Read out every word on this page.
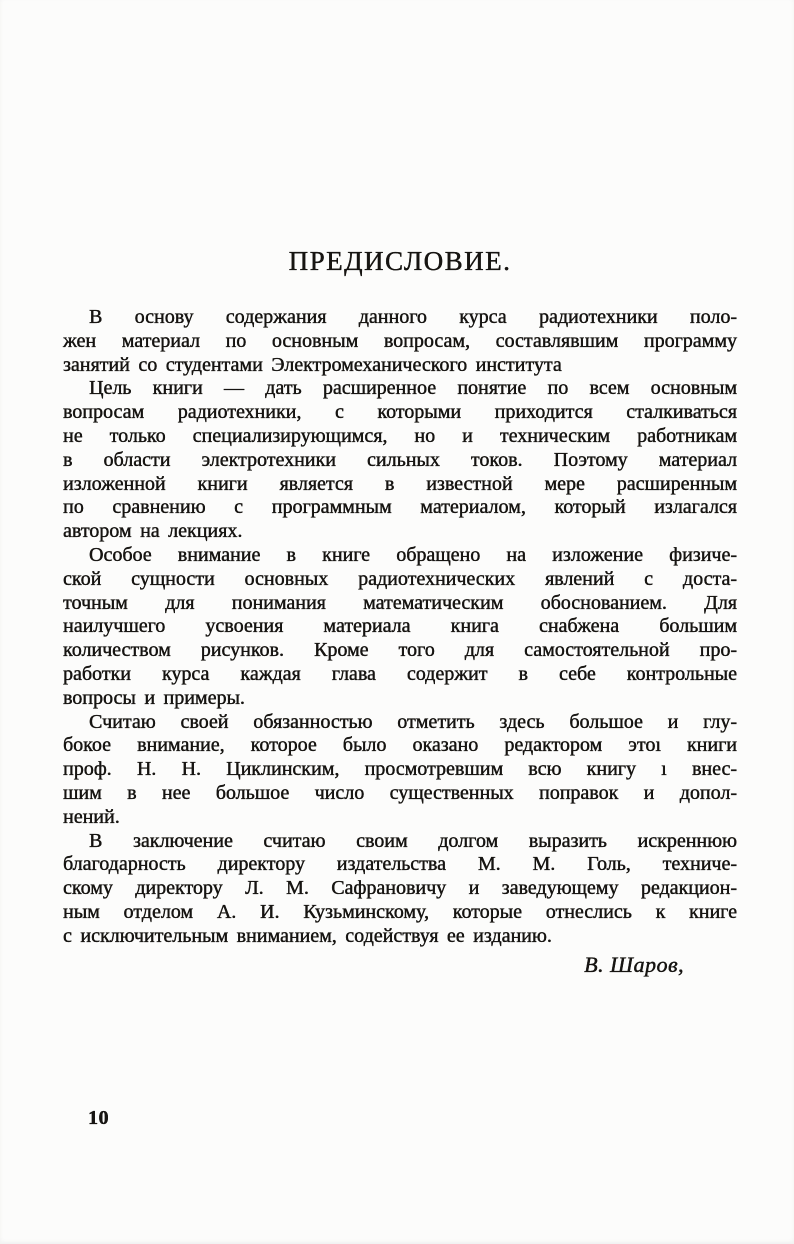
ПРЕДИСЛОВИЕ.
В основу содержания данного курса радиотехники поло-
жен материал по основным вопросам, составлявшим программу
занятий со студентами Электромеханического института
Цель книги — дать расширенное понятие по всем основным
вопросам радиотехники, с которыми приходится сталкиваться
не только специализирующимся, но и техническим работникам
в области электротехники сильных токов. Поэтому материал
изложенной книги является в известной мере расширенным
по сравнению с программным материалом, который излагался
автором на лекциях.
Особое внимание в книге обращено на изложение физиче-
ской сущности основных радиотехнических явлений с доста-
точным для понимания математическим обоснованием. Для
наилучшего усвоения материала книга снабжена большим
количеством рисунков. Кроме того для самостоятельной про-
работки курса каждая глава содержит в себе контрольные
вопросы и примеры.
Считаю своей обязанностью отметить здесь большое и глу-
бокое внимание, которое было оказано редактором этоı книги
проф. Н. Н. Циклинским, просмотревшим всю книгу ı внес-
шим в нее большое число существенных поправок и допол-
нений.
В заключение считаю своим долгом выразить искреннюю
благодарность директору издательства М. М. Голь, техниче-
скому директору Л. М. Сафрановичу и заведующему редакцион-
ным отделом А. И. Кузьминскому, которые отнеслись к книге
с исключительным вниманием, содействуя ее изданию.
В. Шаров,
10
